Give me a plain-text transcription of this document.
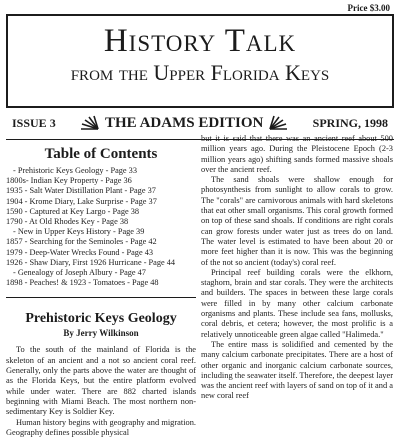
Price $3.00
History Talk
from the Upper Florida Keys
ISSUE 3	THE ADAMS EDITION	SPRING, 1998
Table of Contents
- Prehistoric Keys Geology - Page 33
1800s- Indian Key Property - Page 36
1935 - Salt Water Distillation Plant - Page 37
1904 - Krome Diary, Lake Surprise - Page 37
1590 - Captured at Key Largo - Page 38
1790 - At Old Rhodes Key - Page 38
- New in Upper Keys History - Page 39
1857 - Searching for the Seminoles - Page 42
1979 - Deep-Water Wrecks Found - Page 43
1926 - Shaw Diary, First 1926 Hurricane - Page 44
- Genealogy of Joseph Albury - Page 47
1898 - Peaches! & 1923 - Tomatoes - Page 48
Prehistoric Keys Geology
By Jerry Wilkinson

To the south of the mainland of Florida is the skeleton of an ancient and a not so ancient coral reef. Generally, only the parts above the water are thought of as the Florida Keys, but the entire platform evolved while under water. There are 882 charted islands beginning with Miami Beach. The most northern non-sedimentary Key is Soldier Key.

Human history begins with geography and migration. Geography defines possible physical

but it is said that there was an ancient reef about 500 million years ago. During the Pleistocene Epoch (2-3 million years ago) shifting sands formed massive shoals over the ancient reef.

The sand shoals were shallow enough for photosynthesis from sunlight to allow corals to grow. The "corals" are carnivorous animals with hard skeletons that eat other small organisms. This coral growth formed on top of these sand shoals. If conditions are right corals can grow forests under water just as trees do on land. The water level is estimated to have been about 20 or more feet higher than it is now. This was the beginning of the not so ancient (today's) coral reef.

Principal reef building corals were the elkhorn, staghorn, brain and star corals. They were the architects and builders. The spaces in between these large corals were filled in by many other calcium carbonate organisms and plants. These include sea fans, mollusks, coral debris, et cetera; however, the most prolific is a relatively unnoticeable green algae called "Halimeda."

The entire mass is solidified and cemented by the many calcium carbonate precipitates. There are a host of other organic and inorganic calcium carbonate sources, including the seawater itself. Therefore, the deepest layer was the ancient reef with layers of sand on top of it and a new coral reef
